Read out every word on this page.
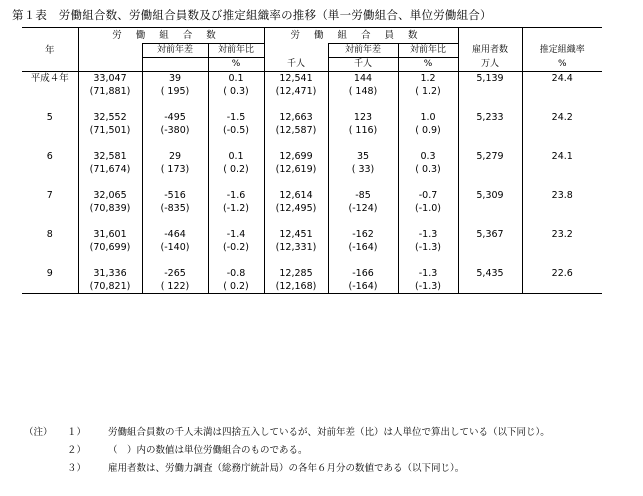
第１表　労働組合数、労働組合員数及び推定組織率の推移（単一労働組合、単位労働組合）
	労働組合数			労働組合員数				
年		対前年差	対前年比		対前年差	対前年比	雇用者数	推定組織率
			%	千人	千人	%	万人	%
平成４年	33,047	39	0.1	12,541	144	1.2	5,139	24.4
	(71,881)	( 195)	( 0.3)	(12,471)	( 148)	( 1.2)		

5	32,552	-495	-1.5	12,663	123	1.0	5,233	24.2
	(71,501)	(-380)	(-0.5)	(12,587)	( 116)	( 0.9)		

6	32,581	29	0.1	12,699	35	0.3	5,279	24.1
	(71,674)	( 173)	( 0.2)	(12,619)	( 33)	( 0.3)		

7	32,065	-516	-1.6	12,614	-85	-0.7	5,309	23.8
	(70,839)	(-835)	(-1.2)	(12,495)	(-124)	(-1.0)		

8	31,601	-464	-1.4	12,451	-162	-1.3	5,367	23.2
	(70,699)	(-140)	(-0.2)	(12,331)	(-164)	(-1.3)		

9	31,336	-265	-0.8	12,285	-166	-1.3	5,435	22.6
	(70,821)	( 122)	( 0.2)	(12,168)	(-164)	(-1.3)		
（注） １） 労働組合員数の千人未満は四捨五入しているが、対前年差（比）は人単位で算出している（以下同じ）。
２） （　）内の数値は単位労働組合のものである。
３） 雇用者数は、労働力調査（総務庁統計局）の各年６月分の数値である（以下同じ）。
